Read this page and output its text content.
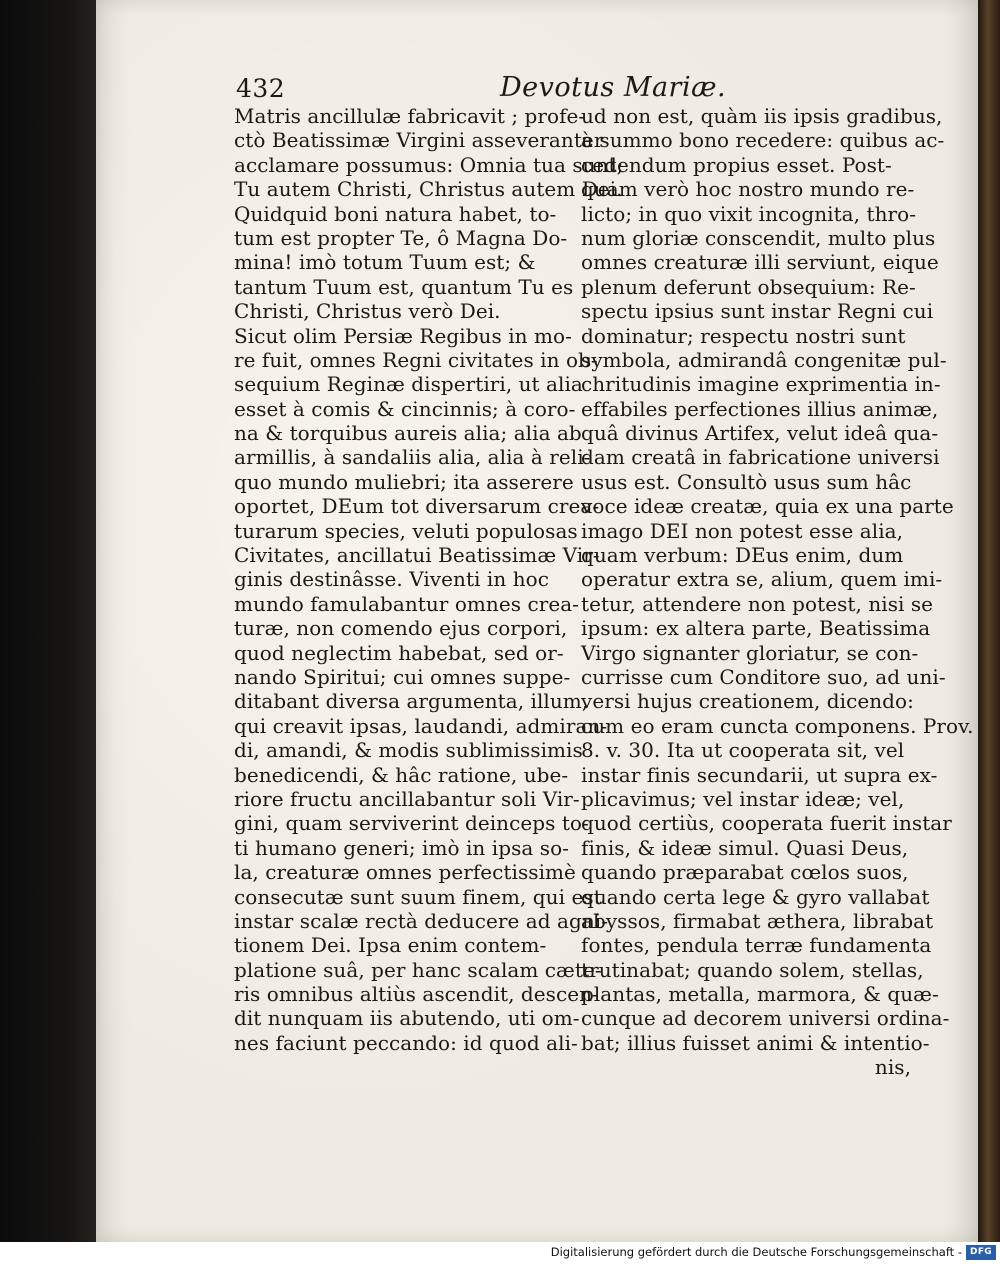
432	Devotus Mariæ.
Matris ancillulæ fabricavit ; profe-
ctò Beatissimæ Virgini asseveranter
acclamare possumus: Omnia tua sunt;
Tu autem Christi, Christus autem Dei.
Quidquid boni natura habet, to-
tum est propter Te, ô Magna Do-
mina! imò totum Tuum est; &
tantum Tuum est, quantum Tu es
Christi, Christus verò Dei.
Sicut olim Persiæ Regibus in mo-
re fuit, omnes Regni civitates in ob-
sequium Reginæ dispertiri, ut alia
esset à comis & cincinnis; à coro-
na & torquibus aureis alia; alia ab
armillis, à sandaliis alia, alia à reli-
quo mundo muliebri; ita asserere
oportet, DEum tot diversarum crea-
turarum species, veluti populosas
Civitates, ancillatui Beatissimæ Vir-
ginis destinâsse. Viventi in hoc
mundo famulabantur omnes crea-
turæ, non comendo ejus corpori,
quod neglectim habebat, sed or-
nando Spiritui; cui omnes suppe-
ditabant diversa argumenta, illum,
qui creavit ipsas, laudandi, admiran-
di, amandi, & modis sublimissimis
benedicendi, & hâc ratione, ube-
riore fructu ancillabantur soli Vir-
gini, quam serviverint deinceps to-
ti humano generi; imò in ipsa so-
la, creaturæ omnes perfectissimè
consecutæ sunt suum finem, qui est
instar scalæ rectà deducere ad agni-
tionem Dei. Ipsa enim contem-
platione suâ, per hanc scalam cæte-
ris omnibus altiùs ascendit, descen-
dit nunquam iis abutendo, uti om-
nes faciunt peccando: id quod ali-
ud non est, quàm iis ipsis gradibus,
à summo bono recedere: quibus ac-
cedendum propius esset. Post-
quam verò hoc nostro mundo re-
licto; in quo vixit incognita, thro-
num gloriæ conscendit, multo plus
omnes creaturæ illi serviunt, eique
plenum deferunt obsequium: Re-
spectu ipsius sunt instar Regni cui
dominatur; respectu nostri sunt
symbola, admirandâ congenitæ pul-
chritudinis imagine exprimentia in-
effabiles perfectiones illius animæ,
quâ divinus Artifex, velut ideâ qua-
dam creatâ in fabricatione universi
usus est. Consultò usus sum hâc
voce ideæ creatæ, quia ex una parte
imago DEI non potest esse alia,
quam verbum: DEus enim, dum
operatur extra se, alium, quem imi-
tetur, attendere non potest, nisi se
ipsum: ex altera parte, Beatissima
Virgo signanter gloriatur, se con-
currisse cum Conditore suo, ad uni-
versi hujus creationem, dicendo:
cum eo eram cuncta componens. Prov.
8. v. 30. Ita ut cooperata sit, vel
instar finis secundarii, ut supra ex-
plicavimus; vel instar ideæ; vel,
quod certiùs, cooperata fuerit instar
finis, & ideæ simul. Quasi Deus,
quando præparabat cœlos suos,
quando certa lege & gyro vallabat
abyssos, firmabat æthera, librabat
fontes, pendula terræ fundamenta
trutinabat; quando solem, stellas,
plantas, metalla, marmora, & quæ-
cunque ad decorem universi ordina-
bat; illius fuisset animi & intentio-
nis,
Digitalisierung gefördert durch die Deutsche Forschungsgemeinschaft - DFG
